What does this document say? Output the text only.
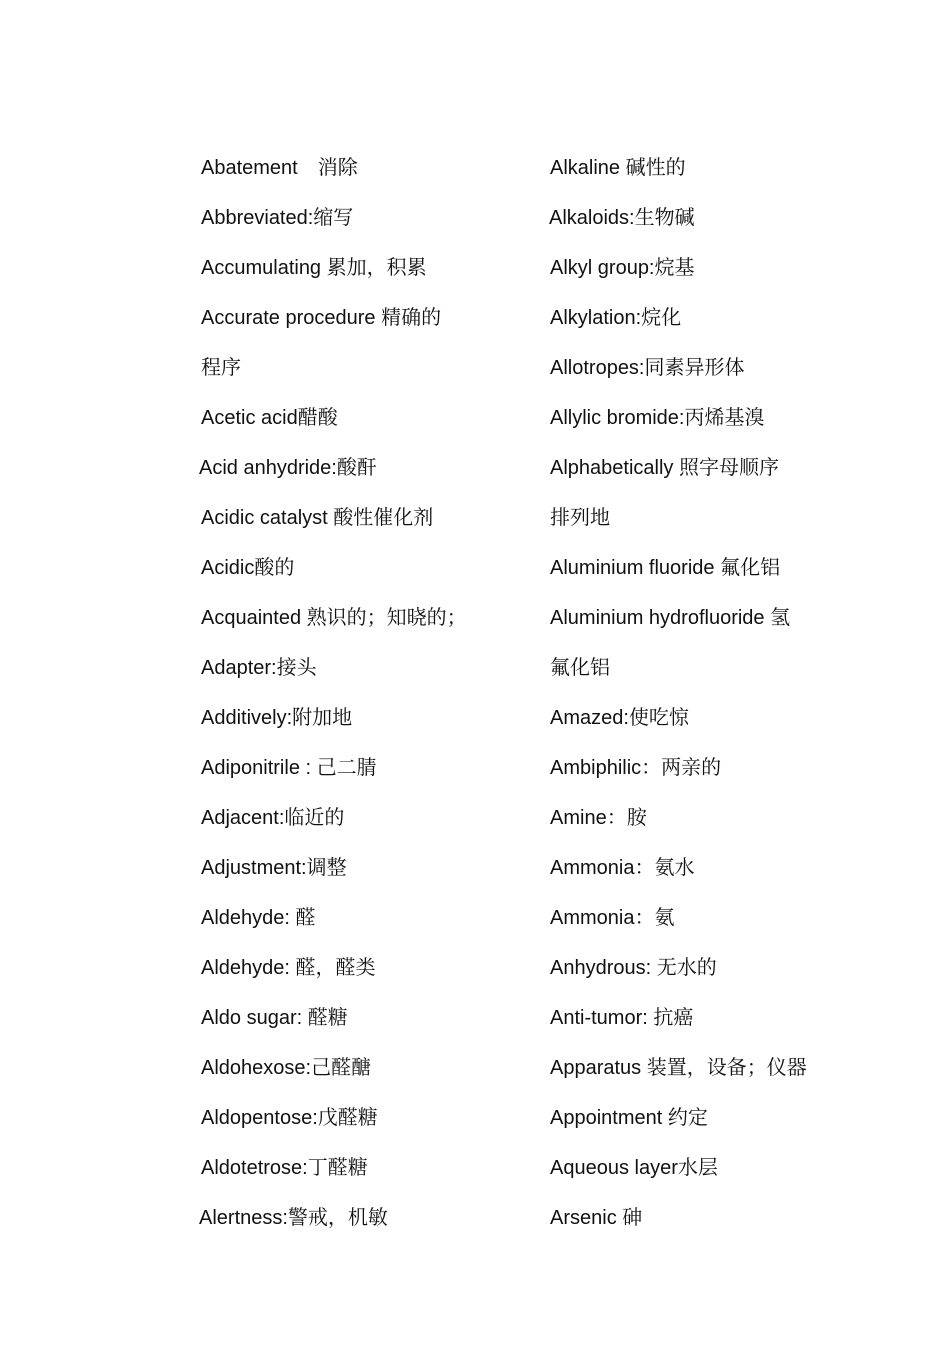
Abatement　消除
Abbreviated:缩写
Accumulating 累加，积累
Accurate procedure 精确的
程序
Acetic acid醋酸
Acid anhydride:酸酐
Acidic catalyst 酸性催化剂
Acidic酸的
Acquainted 熟识的；知晓的；
Adapter:接头
Additively:附加地
Adiponitrile : 己二腈
Adjacent:临近的
Adjustment:调整
Aldehyde: 醛
Aldehyde: 醛，醛类
Aldo sugar: 醛糖
Aldohexose:己醛醣
Aldopentose:戊醛糖
Aldotetrose:丁醛糖
Alertness:警戒，机敏
Alkaline 碱性的
Alkaloids:生物碱
Alkyl group:烷基
Alkylation:烷化
Allotropes:同素异形体
Allylic bromide:丙烯基溴
Alphabetically 照字母顺序
排列地
Aluminium fluoride 氟化铝
Aluminium hydrofluoride 氢
氟化铝
Amazed:使吃惊
Ambiphilic：两亲的
Amine：胺
Ammonia：氨水
Ammonia：氨
Anhydrous: 无水的
Anti-tumor: 抗癌
Apparatus 装置，设备；仪器
Appointment 约定
Aqueous layer水层
Arsenic 砷
